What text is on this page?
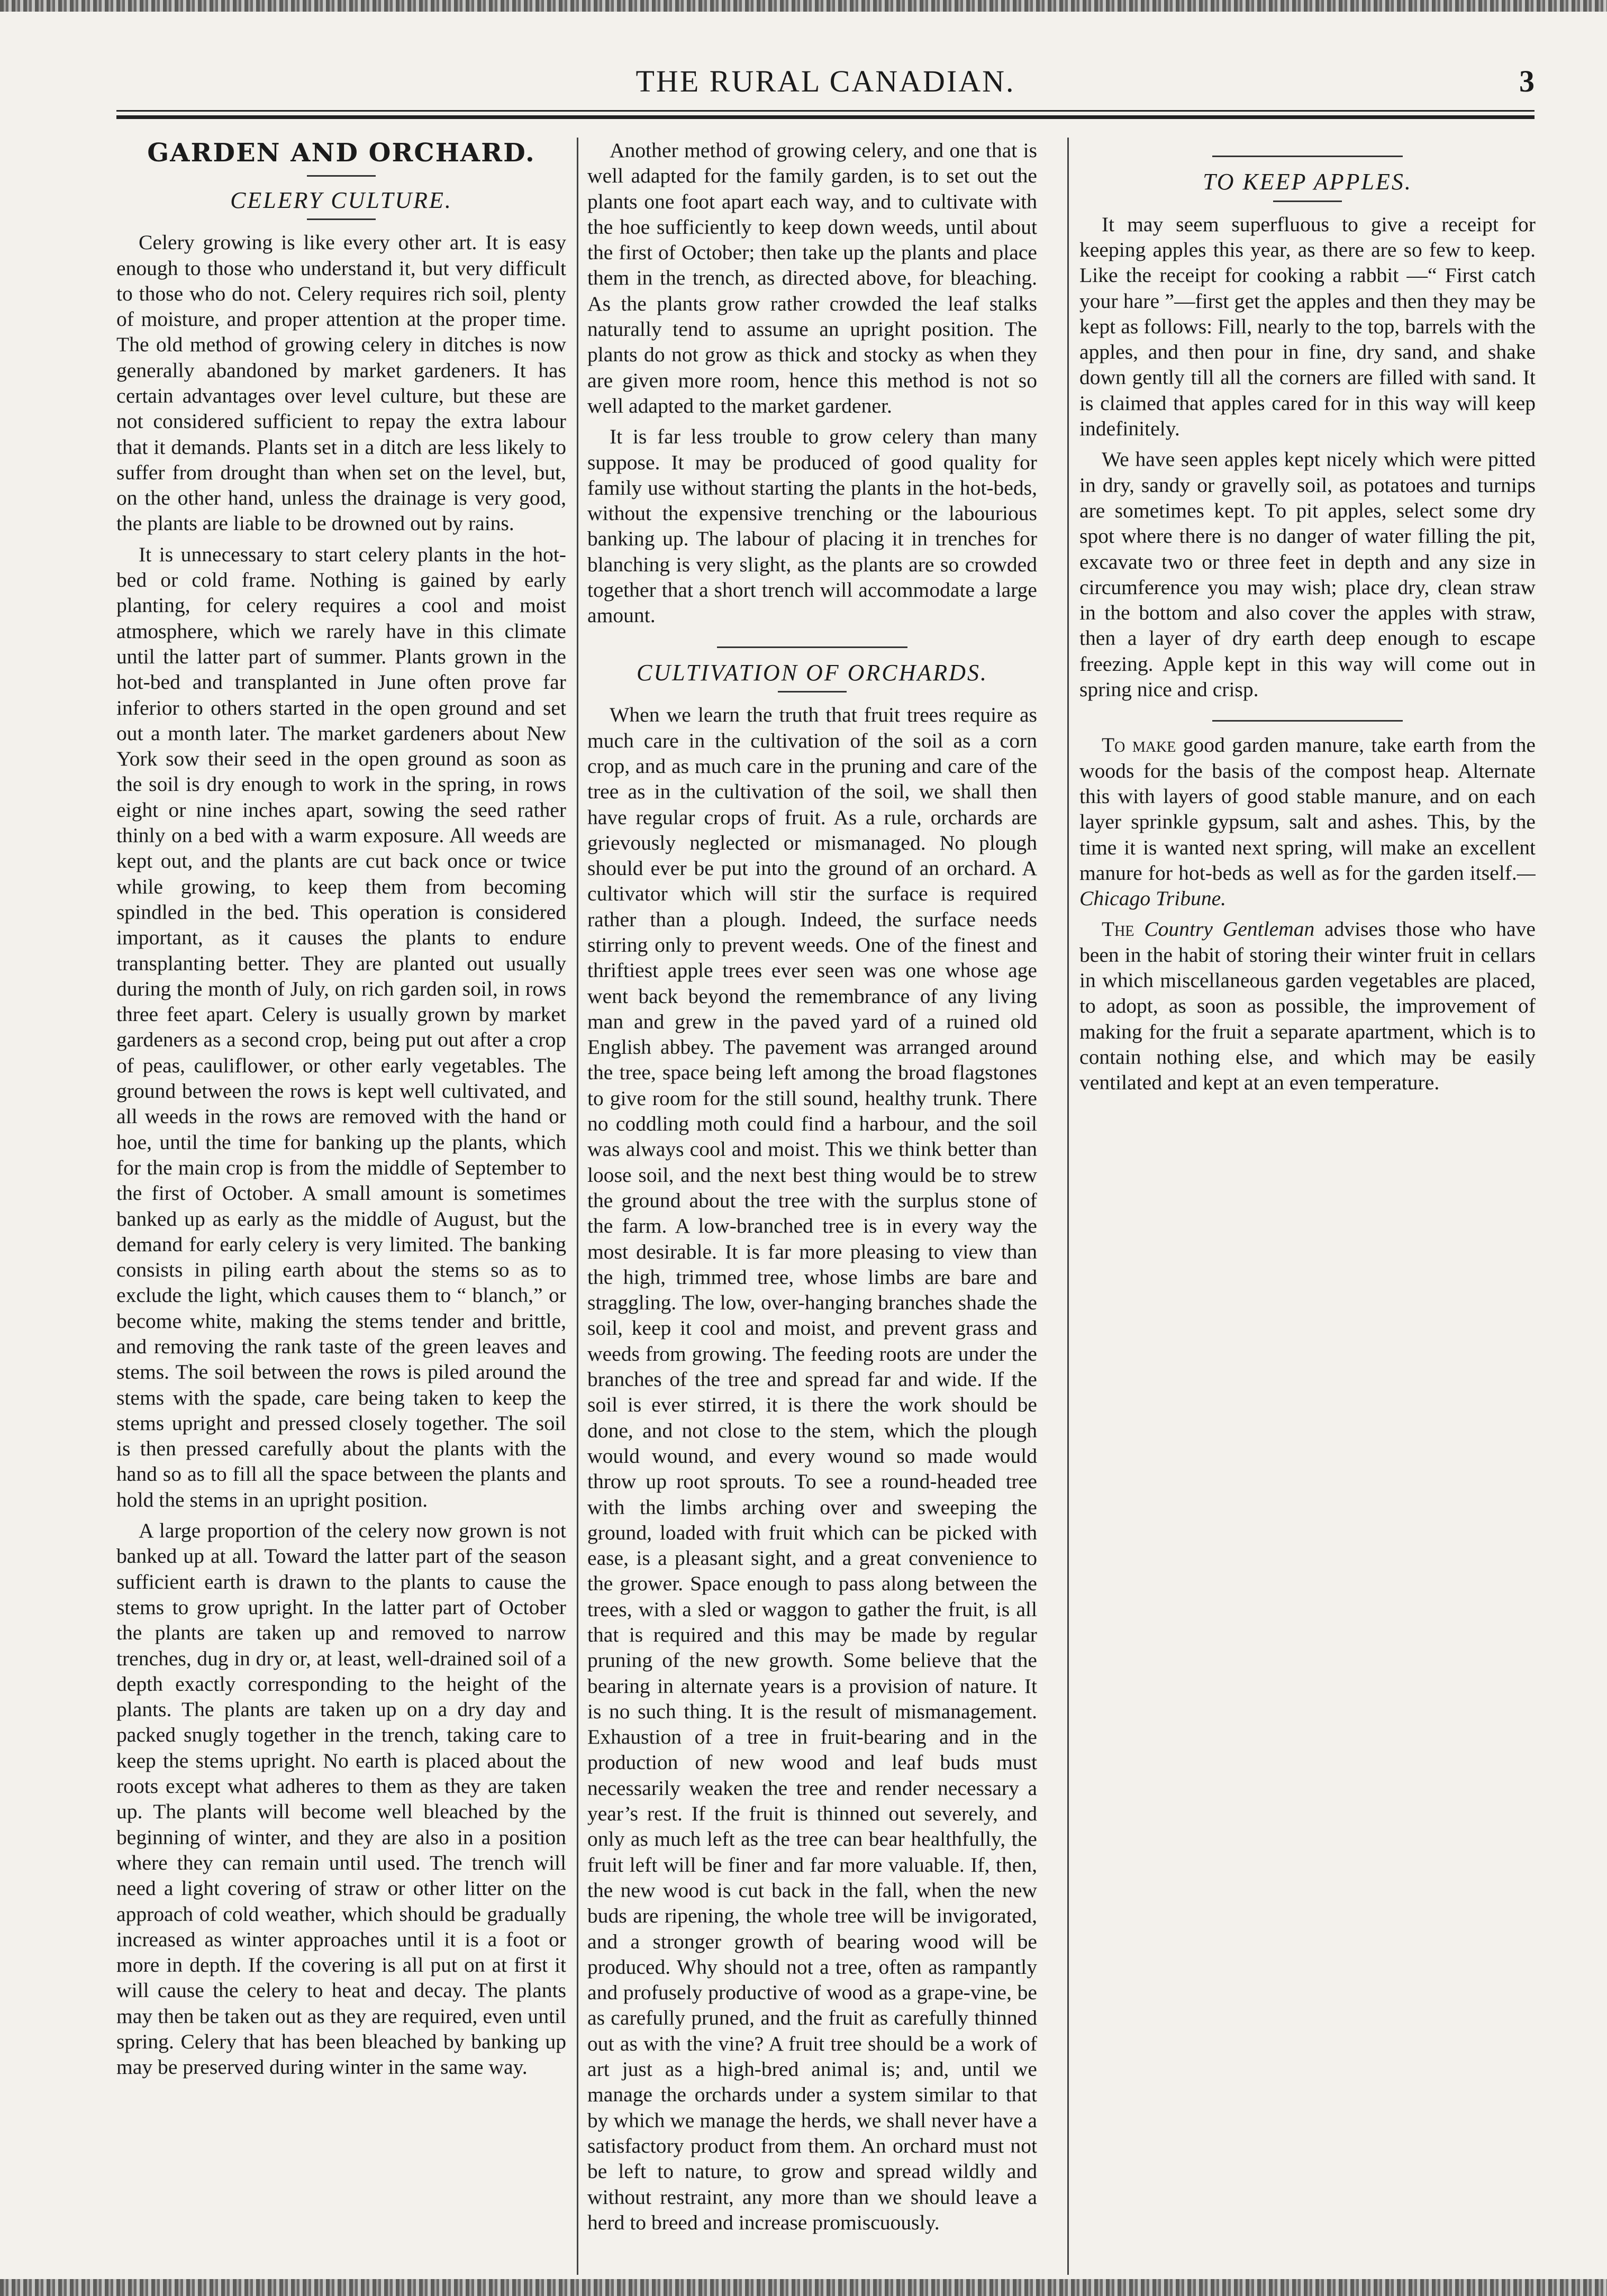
THE RURAL CANADIAN.	3
GARDEN AND ORCHARD.
CELERY CULTURE.

Celery growing is like every other art. It is easy enough to those who understand it, but very difficult to those who do not. Celery requires rich soil, plenty of moisture, and proper attention at the proper time. The old method of growing celery in ditches is now generally abandoned by market gardeners. It has certain advantages over level culture, but these are not considered sufficient to repay the extra labour that it demands. Plants set in a ditch are less likely to suffer from drought than when set on the level, but, on the other hand, unless the drainage is very good, the plants are liable to be drowned out by rains.

It is unnecessary to start celery plants in the hot-bed or cold frame. Nothing is gained by early planting, for celery requires a cool and moist atmosphere, which we rarely have in this climate until the latter part of summer. Plants grown in the hot-bed and transplanted in June often prove far inferior to others started in the open ground and set out a month later. The market gardeners about New York sow their seed in the open ground as soon as the soil is dry enough to work in the spring, in rows eight or nine inches apart, sowing the seed rather thinly on a bed with a warm exposure. All weeds are kept out, and the plants are cut back once or twice while growing, to keep them from becoming spindled in the bed. This operation is considered important, as it causes the plants to endure transplanting better. They are planted out usually during the month of July, on rich garden soil, in rows three feet apart. Celery is usually grown by market gardeners as a second crop, being put out after a crop of peas, cauliflower, or other early vegetables. The ground between the rows is kept well cultivated, and all weeds in the rows are removed with the hand or hoe, until the time for banking up the plants, which for the main crop is from the middle of September to the first of October. A small amount is sometimes banked up as early as the middle of August, but the demand for early celery is very limited. The banking consists in piling earth about the stems so as to exclude the light, which causes them to “ blanch,” or become white, making the stems tender and brittle, and removing the rank taste of the green leaves and stems. The soil between the rows is piled around the stems with the spade, care being taken to keep the stems upright and pressed closely together. The soil is then pressed carefully about the plants with the hand so as to fill all the space between the plants and hold the stems in an upright position.

A large proportion of the celery now grown is not banked up at all. Toward the latter part of the season sufficient earth is drawn to the plants to cause the stems to grow upright. In the latter part of October the plants are taken up and removed to narrow trenches, dug in dry or, at least, well-drained soil of a depth exactly corresponding to the height of the plants. The plants are taken up on a dry day and packed snugly together in the trench, taking care to keep the stems upright. No earth is placed about the roots except what adheres to them as they are taken up. The plants will become well bleached by the beginning of winter, and they are also in a position where they can remain until used. The trench will need a light covering of straw or other litter on the approach of cold weather, which should be gradually increased as winter approaches until it is a foot or more in depth. If the covering is all put on at first it will cause the celery to heat and decay. The plants may then be taken out as they are required, even until spring. Celery that has been bleached by banking up may be preserved during winter in the same way.

Another method of growing celery, and one that is well adapted for the family garden, is to set out the plants one foot apart each way, and to cultivate with the hoe sufficiently to keep down weeds, until about the first of October; then take up the plants and place them in the trench, as directed above, for bleaching. As the plants grow rather crowded the leaf stalks naturally tend to assume an upright position. The plants do not grow as thick and stocky as when they are given more room, hence this method is not so well adapted to the market gardener.

It is far less trouble to grow celery than many suppose. It may be produced of good quality for family use without starting the plants in the hot-beds, without the expensive trenching or the labourious banking up. The labour of placing it in trenches for blanching is very slight, as the plants are so crowded together that a short trench will accommodate a large amount.

CULTIVATION OF ORCHARDS.

When we learn the truth that fruit trees require as much care in the cultivation of the soil as a corn crop, and as much care in the pruning and care of the tree as in the cultivation of the soil, we shall then have regular crops of fruit. As a rule, orchards are grievously neglected or mismanaged. No plough should ever be put into the ground of an orchard. A cultivator which will stir the surface is required rather than a plough. Indeed, the surface needs stirring only to prevent weeds. One of the finest and thriftiest apple trees ever seen was one whose age went back beyond the remembrance of any living man and grew in the paved yard of a ruined old English abbey. The pavement was arranged around the tree, space being left among the broad flagstones to give room for the still sound, healthy trunk. There no coddling moth could find a harbour, and the soil was always cool and moist. This we think better than loose soil, and the next best thing would be to strew the ground about the tree with the surplus stone of the farm. A low-branched tree is in every way the most desirable. It is far more pleasing to view than the high, trimmed tree, whose limbs are bare and straggling. The low, over-hanging branches shade the soil, keep it cool and moist, and prevent grass and weeds from growing. The feeding roots are under the branches of the tree and spread far and wide. If the soil is ever stirred, it is there the work should be done, and not close to the stem, which the plough would wound, and every wound so made would throw up root sprouts. To see a round-headed tree with the limbs arching over and sweeping the ground, loaded with fruit which can be picked with ease, is a pleasant sight, and a great convenience to the grower. Space enough to pass along between the trees, with a sled or waggon to gather the fruit, is all that is required and this may be made by regular pruning of the new growth. Some believe that the bearing in alternate years is a provision of nature. It is no such thing. It is the result of mismanagement. Exhaustion of a tree in fruit-bearing and in the production of new wood and leaf buds must necessarily weaken the tree and render necessary a year’s rest. If the fruit is thinned out severely, and only as much left as the tree can bear healthfully, the fruit left will be finer and far more valuable. If, then, the new wood is cut back in the fall, when the new buds are ripening, the whole tree will be invigorated, and a stronger growth of bearing wood will be produced. Why should not a tree, often as rampantly and profusely productive of wood as a grape-vine, be as carefully pruned, and the fruit as carefully thinned out as with the vine? A fruit tree should be a work of art just as a high-bred animal is; and, until we manage the orchards under a system similar to that by which we manage the herds, we shall never have a satisfactory product from them. An orchard must not be left to nature, to grow and spread wildly and without restraint, any more than we should leave a herd to breed and increase promiscuously.

TO KEEP APPLES.

It may seem superfluous to give a receipt for keeping apples this year, as there are so few to keep. Like the receipt for cooking a rabbit —“ First catch your hare ”—first get the apples and then they may be kept as follows: Fill, nearly to the top, barrels with the apples, and then pour in fine, dry sand, and shake down gently till all the corners are filled with sand. It is claimed that apples cared for in this way will keep indefinitely.

We have seen apples kept nicely which were pitted in dry, sandy or gravelly soil, as potatoes and turnips are sometimes kept. To pit apples, select some dry spot where there is no danger of water filling the pit, excavate two or three feet in depth and any size in circumference you may wish; place dry, clean straw in the bottom and also cover the apples with straw, then a layer of dry earth deep enough to escape freezing. Apple kept in this way will come out in spring nice and crisp.

To make good garden manure, take earth from the woods for the basis of the compost heap. Alternate this with layers of good stable manure, and on each layer sprinkle gypsum, salt and ashes. This, by the time it is wanted next spring, will make an excellent manure for hot-beds as well as for the garden itself.—Chicago Tribune.

The Country Gentleman advises those who have been in the habit of storing their winter fruit in cellars in which miscellaneous garden vegetables are placed, to adopt, as soon as possible, the improvement of making for the fruit a separate apartment, which is to contain nothing else, and which may be easily ventilated and kept at an even temperature.
